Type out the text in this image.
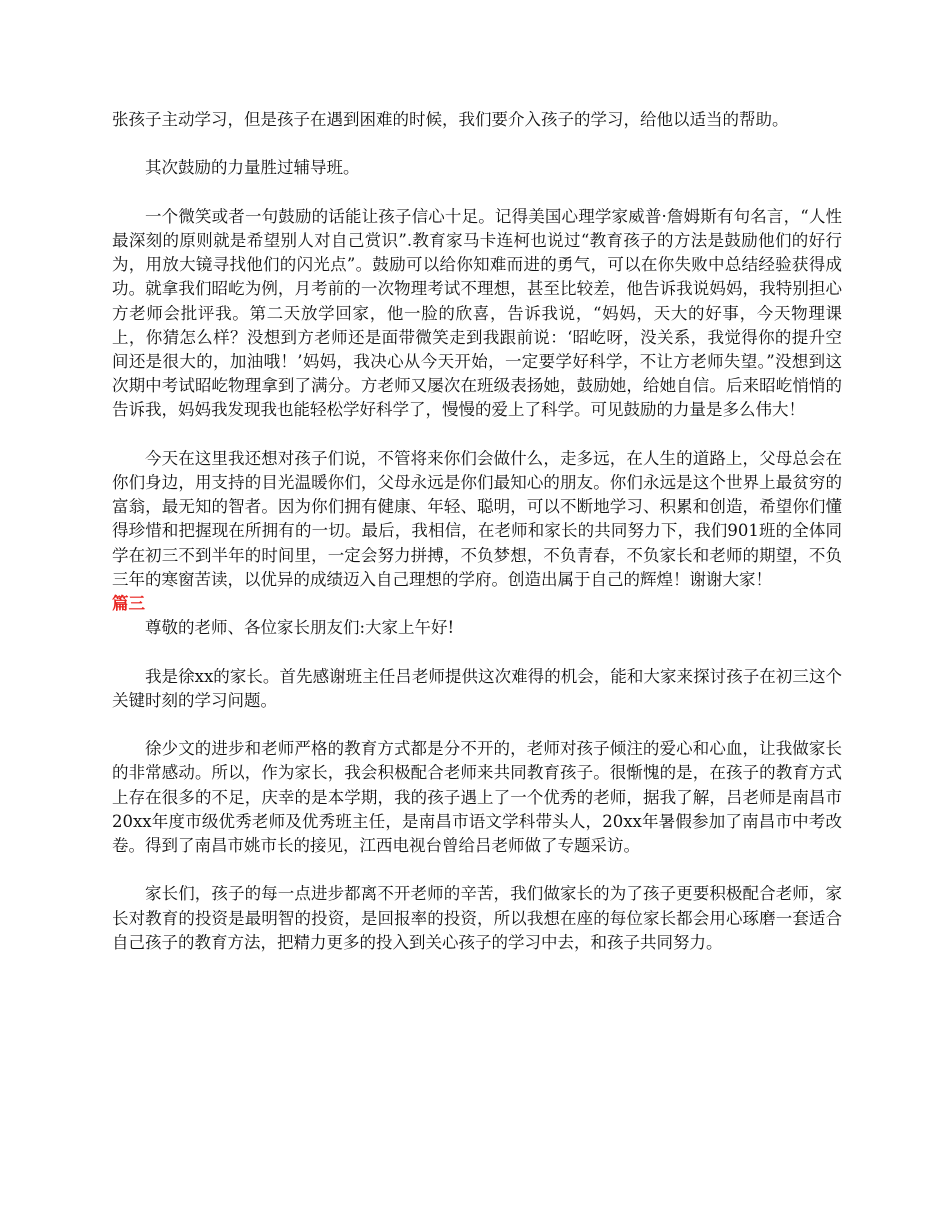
张孩子主动学习，但是孩子在遇到困难的时候，我们要介入孩子的学习，给他以适当的帮助。

其次鼓励的力量胜过辅导班。

一个微笑或者一句鼓励的话能让孩子信心十足。记得美国心理学家威普·詹姆斯有句名言，“人性最深刻的原则就是希望别人对自己赏识”.教育家马卡连柯也说过“教育孩子的方法是鼓励他们的好行为，用放大镜寻找他们的闪光点”。鼓励可以给你知难而进的勇气，可以在你失败中总结经验获得成功。就拿我们昭屹为例，月考前的一次物理考试不理想，甚至比较差，他告诉我说妈妈，我特别担心方老师会批评我。第二天放学回家，他一脸的欣喜，告诉我说，“妈妈，天大的好事，今天物理课上，你猜怎么样？没想到方老师还是面带微笑走到我跟前说：‘昭屹呀，没关系，我觉得你的提升空间还是很大的，加油哦！’妈妈，我决心从今天开始，一定要学好科学，不让方老师失望。”没想到这次期中考试昭屹物理拿到了满分。方老师又屡次在班级表扬她，鼓励她，给她自信。后来昭屹悄悄的告诉我，妈妈我发现我也能轻松学好科学了，慢慢的爱上了科学。可见鼓励的力量是多么伟大！

今天在这里我还想对孩子们说，不管将来你们会做什么，走多远，在人生的道路上，父母总会在你们身边，用支持的目光温暖你们，父母永远是你们最知心的朋友。你们永远是这个世界上最贫穷的富翁，最无知的智者。因为你们拥有健康、年轻、聪明，可以不断地学习、积累和创造，希望你们懂得珍惜和把握现在所拥有的一切。最后，我相信，在老师和家长的共同努力下，我们901班的全体同学在初三不到半年的时间里，一定会努力拼搏，不负梦想，不负青春，不负家长和老师的期望，不负三年的寒窗苦读，以优异的成绩迈入自己理想的学府。创造出属于自己的辉煌！谢谢大家！

篇三

尊敬的老师、各位家长朋友们:大家上午好!

我是徐xx的家长。首先感谢班主任吕老师提供这次难得的机会，能和大家来探讨孩子在初三这个关键时刻的学习问题。

徐少文的进步和老师严格的教育方式都是分不开的，老师对孩子倾注的爱心和心血，让我做家长的非常感动。所以，作为家长，我会积极配合老师来共同教育孩子。很惭愧的是，在孩子的教育方式上存在很多的不足，庆幸的是本学期，我的孩子遇上了一个优秀的老师，据我了解，吕老师是南昌市20xx年度市级优秀老师及优秀班主任，是南昌市语文学科带头人，20xx年暑假参加了南昌市中考改卷。得到了南昌市姚市长的接见，江西电视台曾给吕老师做了专题采访。

家长们，孩子的每一点进步都离不开老师的辛苦，我们做家长的为了孩子更要积极配合老师，家长对教育的投资是最明智的投资，是回报率的投资，所以我想在座的每位家长都会用心琢磨一套适合自己孩子的教育方法，把精力更多的投入到关心孩子的学习中去，和孩子共同努力。
